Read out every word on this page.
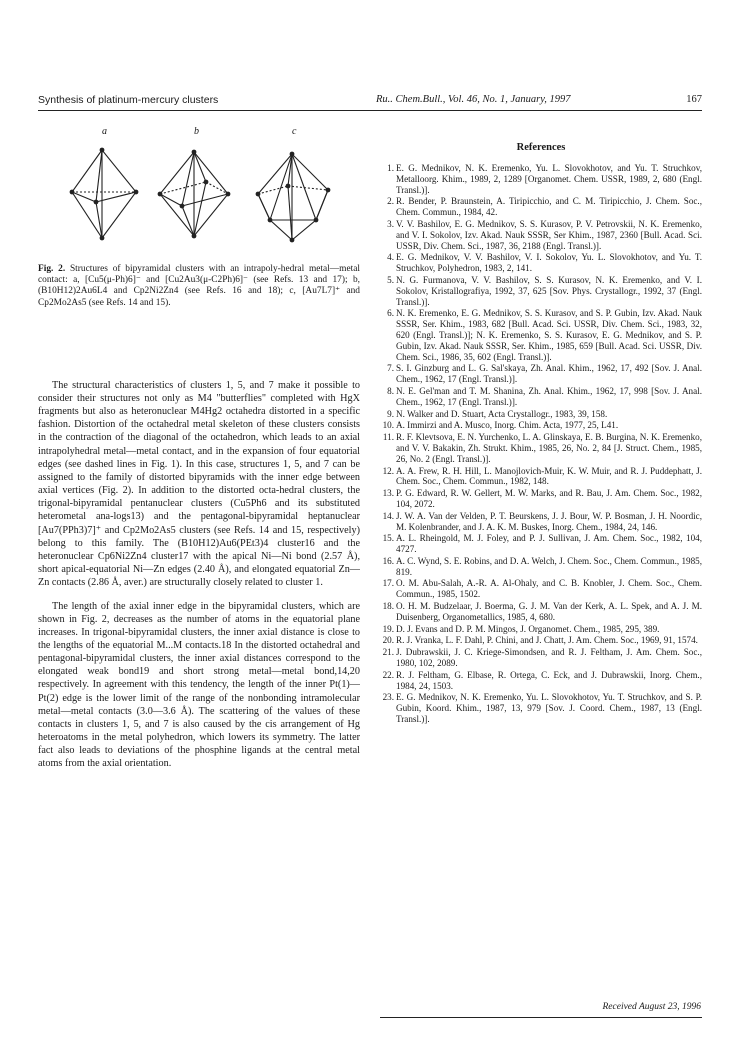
Synthesis of platinum-mercury clusters	Ru.. Chem.Bull., Vol. 46, No. 1, January, 1997	167
a	b	c
Fig. 2. Structures of bipyramidal clusters with an intrapoly-hedral metal—metal contact: a, [Cu5(μ-Ph)6]⁻ and [Cu2Au3(μ-C2Ph)6]⁻ (see Refs. 13 and 17); b, (B10H12)2Au6L4 and Cp2Ni2Zn4 (see Refs. 16 and 18); c, [Au7L7]⁺ and Cp2Mo2As5 (see Refs. 14 and 15).

The structural characteristics of clusters 1, 5, and 7 make it possible to consider their structures not only as M4 "butterflies" completed with HgX fragments but also as heteronuclear M4Hg2 octahedra distorted in a specific fashion. Distortion of the octahedral metal skeleton of these clusters consists in the contraction of the diagonal of the octahedron, which leads to an axial intrapolyhedral metal—metal contact, and in the expansion of four equatorial edges (see dashed lines in Fig. 1). In this case, structures 1, 5, and 7 can be assigned to the family of distorted bipyramids with the inner edge between axial vertices (Fig. 2). In addition to the distorted octa-hedral clusters, the trigonal-bipyramidal pentanuclear clusters (Cu5Ph6 and its substituted heterometal ana-logs13) and the pentagonal-bipyramidal heptanuclear [Au7(PPh3)7]⁺ and Cp2Mo2As5 clusters (see Refs. 14 and 15, respectively) belong to this family. The (B10H12)Au6(PEt3)4 cluster16 and the heteronuclear Cp6Ni2Zn4 cluster17 with the apical Ni—Ni bond (2.57 Å), short apical-equatorial Ni—Zn edges (2.40 Å), and elongated equatorial Zn—Zn contacts (2.86 Å, aver.) are structurally closely related to cluster 1.

The length of the axial inner edge in the bipyramidal clusters, which are shown in Fig. 2, decreases as the number of atoms in the equatorial plane increases. In trigonal-bipyramidal clusters, the inner axial distance is close to the lengths of the equatorial M...M contacts.18 In the distorted octahedral and pentagonal-bipyramidal clusters, the inner axial distances correspond to the elongated weak bond19 and short strong metal—metal bond,14,20 respectively. In agreement with this tendency, the length of the inner Pt(1)—Pt(2) edge is the lower limit of the range of the nonbonding intramolecular metal—metal contacts (3.0—3.6 Å). The scattering of the values of these contacts in clusters 1, 5, and 7 is also caused by the cis arrangement of Hg heteroatoms in the metal polyhedron, which lowers its symmetry. The latter fact also leads to deviations of the phosphine ligands at the central metal atoms from the axial orientation.

References
1. E. G. Mednikov, N. K. Eremenko, Yu. L. Slovokhotov, and Yu. T. Struchkov, Metalloorg. Khim., 1989, 2, 1289 [Organomet. Chem. USSR, 1989, 2, 680 (Engl. Transl.)].
2. R. Bender, P. Braunstein, A. Tiripicchio, and C. M. Tiripicchio, J. Chem. Soc., Chem. Commun., 1984, 42.
3. V. V. Bashilov, E. G. Mednikov, S. S. Kurasov, P. V. Petrovskii, N. K. Eremenko, and V. I. Sokolov, Izv. Akad. Nauk SSSR, Ser Khim., 1987, 2360 [Bull. Acad. Sci. USSR, Div. Chem. Sci., 1987, 36, 2188 (Engl. Transl.)].
4. E. G. Mednikov, V. V. Bashilov, V. I. Sokolov, Yu. L. Slovokhotov, and Yu. T. Struchkov, Polyhedron, 1983, 2, 141.
5. N. G. Furmanova, V. V. Bashilov, S. S. Kurasov, N. K. Eremenko, and V. I. Sokolov, Kristallografiya, 1992, 37, 625 [Sov. Phys. Crystallogr., 1992, 37 (Engl. Transl.)].
6. N. K. Eremenko, E. G. Mednikov, S. S. Kurasov, and S. P. Gubin, Izv. Akad. Nauk SSSR, Ser. Khim., 1983, 682 [Bull. Acad. Sci. USSR, Div. Chem. Sci., 1983, 32, 620 (Engl. Transl.)]; N. K. Eremenko, S. S. Kurasov, E. G. Mednikov, and S. P. Gubin, Izv. Akad. Nauk SSSR, Ser. Khim., 1985, 659 [Bull. Acad. Sci. USSR, Div. Chem. Sci., 1986, 35, 602 (Engl. Transl.)].
7. S. I. Ginzburg and L. G. Sal'skaya, Zh. Anal. Khim., 1962, 17, 492 [Sov. J. Anal. Chem., 1962, 17 (Engl. Transl.)].
8. N. E. Gel'man and T. M. Shanina, Zh. Anal. Khim., 1962, 17, 998 [Sov. J. Anal. Chem., 1962, 17 (Engl. Transl.)].
9. N. Walker and D. Stuart, Acta Crystallogr., 1983, 39, 158.
10. A. Immirzi and A. Musco, Inorg. Chim. Acta, 1977, 25, L41.
11. R. F. Klevtsova, E. N. Yurchenko, L. A. Glinskaya, E. B. Burgina, N. K. Eremenko, and V. V. Bakakin, Zh. Strukt. Khim., 1985, 26, No. 2, 84 [J. Struct. Chem., 1985, 26, No. 2 (Engl. Transl.)].
12. A. A. Frew, R. H. Hill, L. Manojlovich-Muir, K. W. Muir, and R. J. Puddephatt, J. Chem. Soc., Chem. Commun., 1982, 148.
13. P. G. Edward, R. W. Gellert, M. W. Marks, and R. Bau, J. Am. Chem. Soc., 1982, 104, 2072.
14. J. W. A. Van der Velden, P. T. Beurskens, J. J. Bour, W. P. Bosman, J. H. Noordic, M. Kolenbrander, and J. A. K. M. Buskes, Inorg. Chem., 1984, 24, 146.
15. A. L. Rheingold, M. J. Foley, and P. J. Sullivan, J. Am. Chem. Soc., 1982, 104, 4727.
16. A. C. Wynd, S. E. Robins, and D. A. Welch, J. Chem. Soc., Chem. Commun., 1985, 819.
17. O. M. Abu-Salah, A.-R. A. Al-Ohaly, and C. B. Knobler, J. Chem. Soc., Chem. Commun., 1985, 1502.
18. O. H. M. Budzelaar, J. Boerma, G. J. M. Van der Kerk, A. L. Spek, and A. J. M. Duisenberg, Organometallics, 1985, 4, 680.
19. D. J. Evans and D. P. M. Mingos, J. Organomet. Chem., 1985, 295, 389.
20. R. J. Vranka, L. F. Dahl, P. Chini, and J. Chatt, J. Am. Chem. Soc., 1969, 91, 1574.
21. J. Dubrawskii, J. C. Kriege-Simondsen, and R. J. Feltham, J. Am. Chem. Soc., 1980, 102, 2089.
22. R. J. Feltham, G. Elbase, R. Ortega, C. Eck, and J. Dubrawskii, Inorg. Chem., 1984, 24, 1503.
23. E. G. Mednikov, N. K. Eremenko, Yu. L. Slovokhotov, Yu. T. Struchkov, and S. P. Gubin, Koord. Khim., 1987, 13, 979 [Sov. J. Coord. Chem., 1987, 13 (Engl. Transl.)].
Received August 23, 1996
